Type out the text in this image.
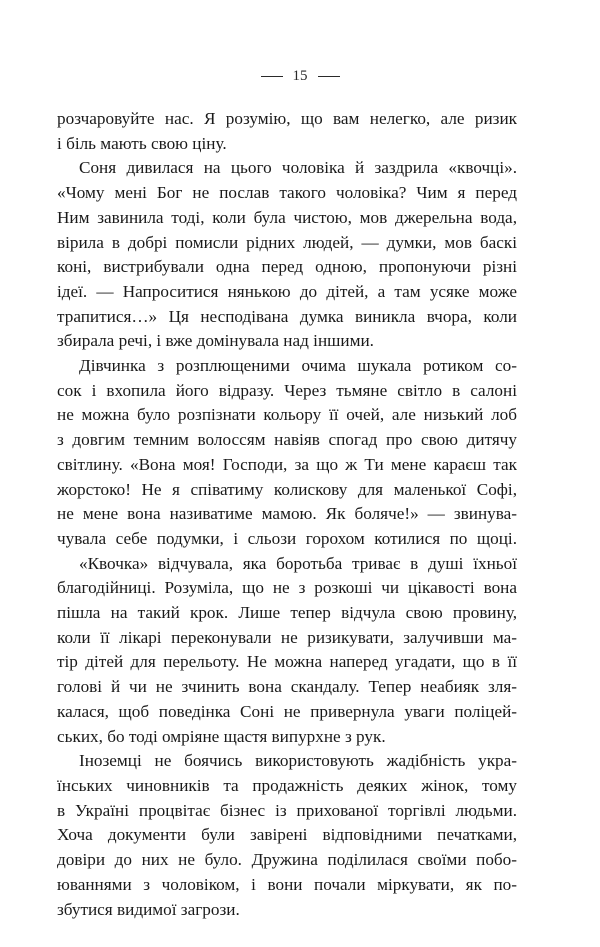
15

розчаровуйте нас. Я розумію, що вам нелегко, але ризик

і біль мають свою ціну.

Соня дивилася на цього чоловіка й заздрила «квочці».

«Чому мені Бог не послав такого чоловіка? Чим я перед

Ним завинила тоді, коли була чистою, мов джерельна вода,

вірила в добрі помисли рідних людей, — думки, мов баскі

коні, вистрибували одна перед одною, пропонуючи різні

ідеї. — Напроситися нянькою до дітей, а там усяке може

трапитися…» Ця несподівана думка виникла вчора, коли

збирала речі, і вже домінувала над іншими.

Дівчинка з розплющеними очима шукала ротиком со-

сок і вхопила його відразу. Через тьмяне світло в салоні

не можна було розпізнати кольору її очей, але низький лоб

з довгим темним волоссям навіяв спогад про свою дитячу

світлину. «Вона моя! Господи, за що ж Ти мене караєш так

жорстоко! Не я співатиму колискову для маленької Софі,

не мене вона називатиме мамою. Як боляче!» — звинува-

чувала себе подумки, і сльози горохом котилися по щоці.

«Квочка» відчувала, яка боротьба триває в душі їхньої

благодійниці. Розуміла, що не з розкоші чи цікавості вона

пішла на такий крок. Лише тепер відчула свою провину,

коли її лікарі переконували не ризикувати, залучивши ма-

тір дітей для перельоту. Не можна наперед угадати, що в її

голові й чи не зчинить вона скандалу. Тепер неабияк зля-

калася, щоб поведінка Соні не привернула уваги поліцей-

ських, бо тоді омріяне щастя випурхне з рук.

Іноземці не боячись використовують жадібність укра-

їнських чиновників та продажність деяких жінок, тому

в Україні процвітає бізнес із прихованої торгівлі людьми.

Хоча документи були завірені відповідними печатками,

довіри до них не було. Дружина поділилася своїми побо-

юваннями з чоловіком, і вони почали міркувати, як по-

збутися видимої загрози.
